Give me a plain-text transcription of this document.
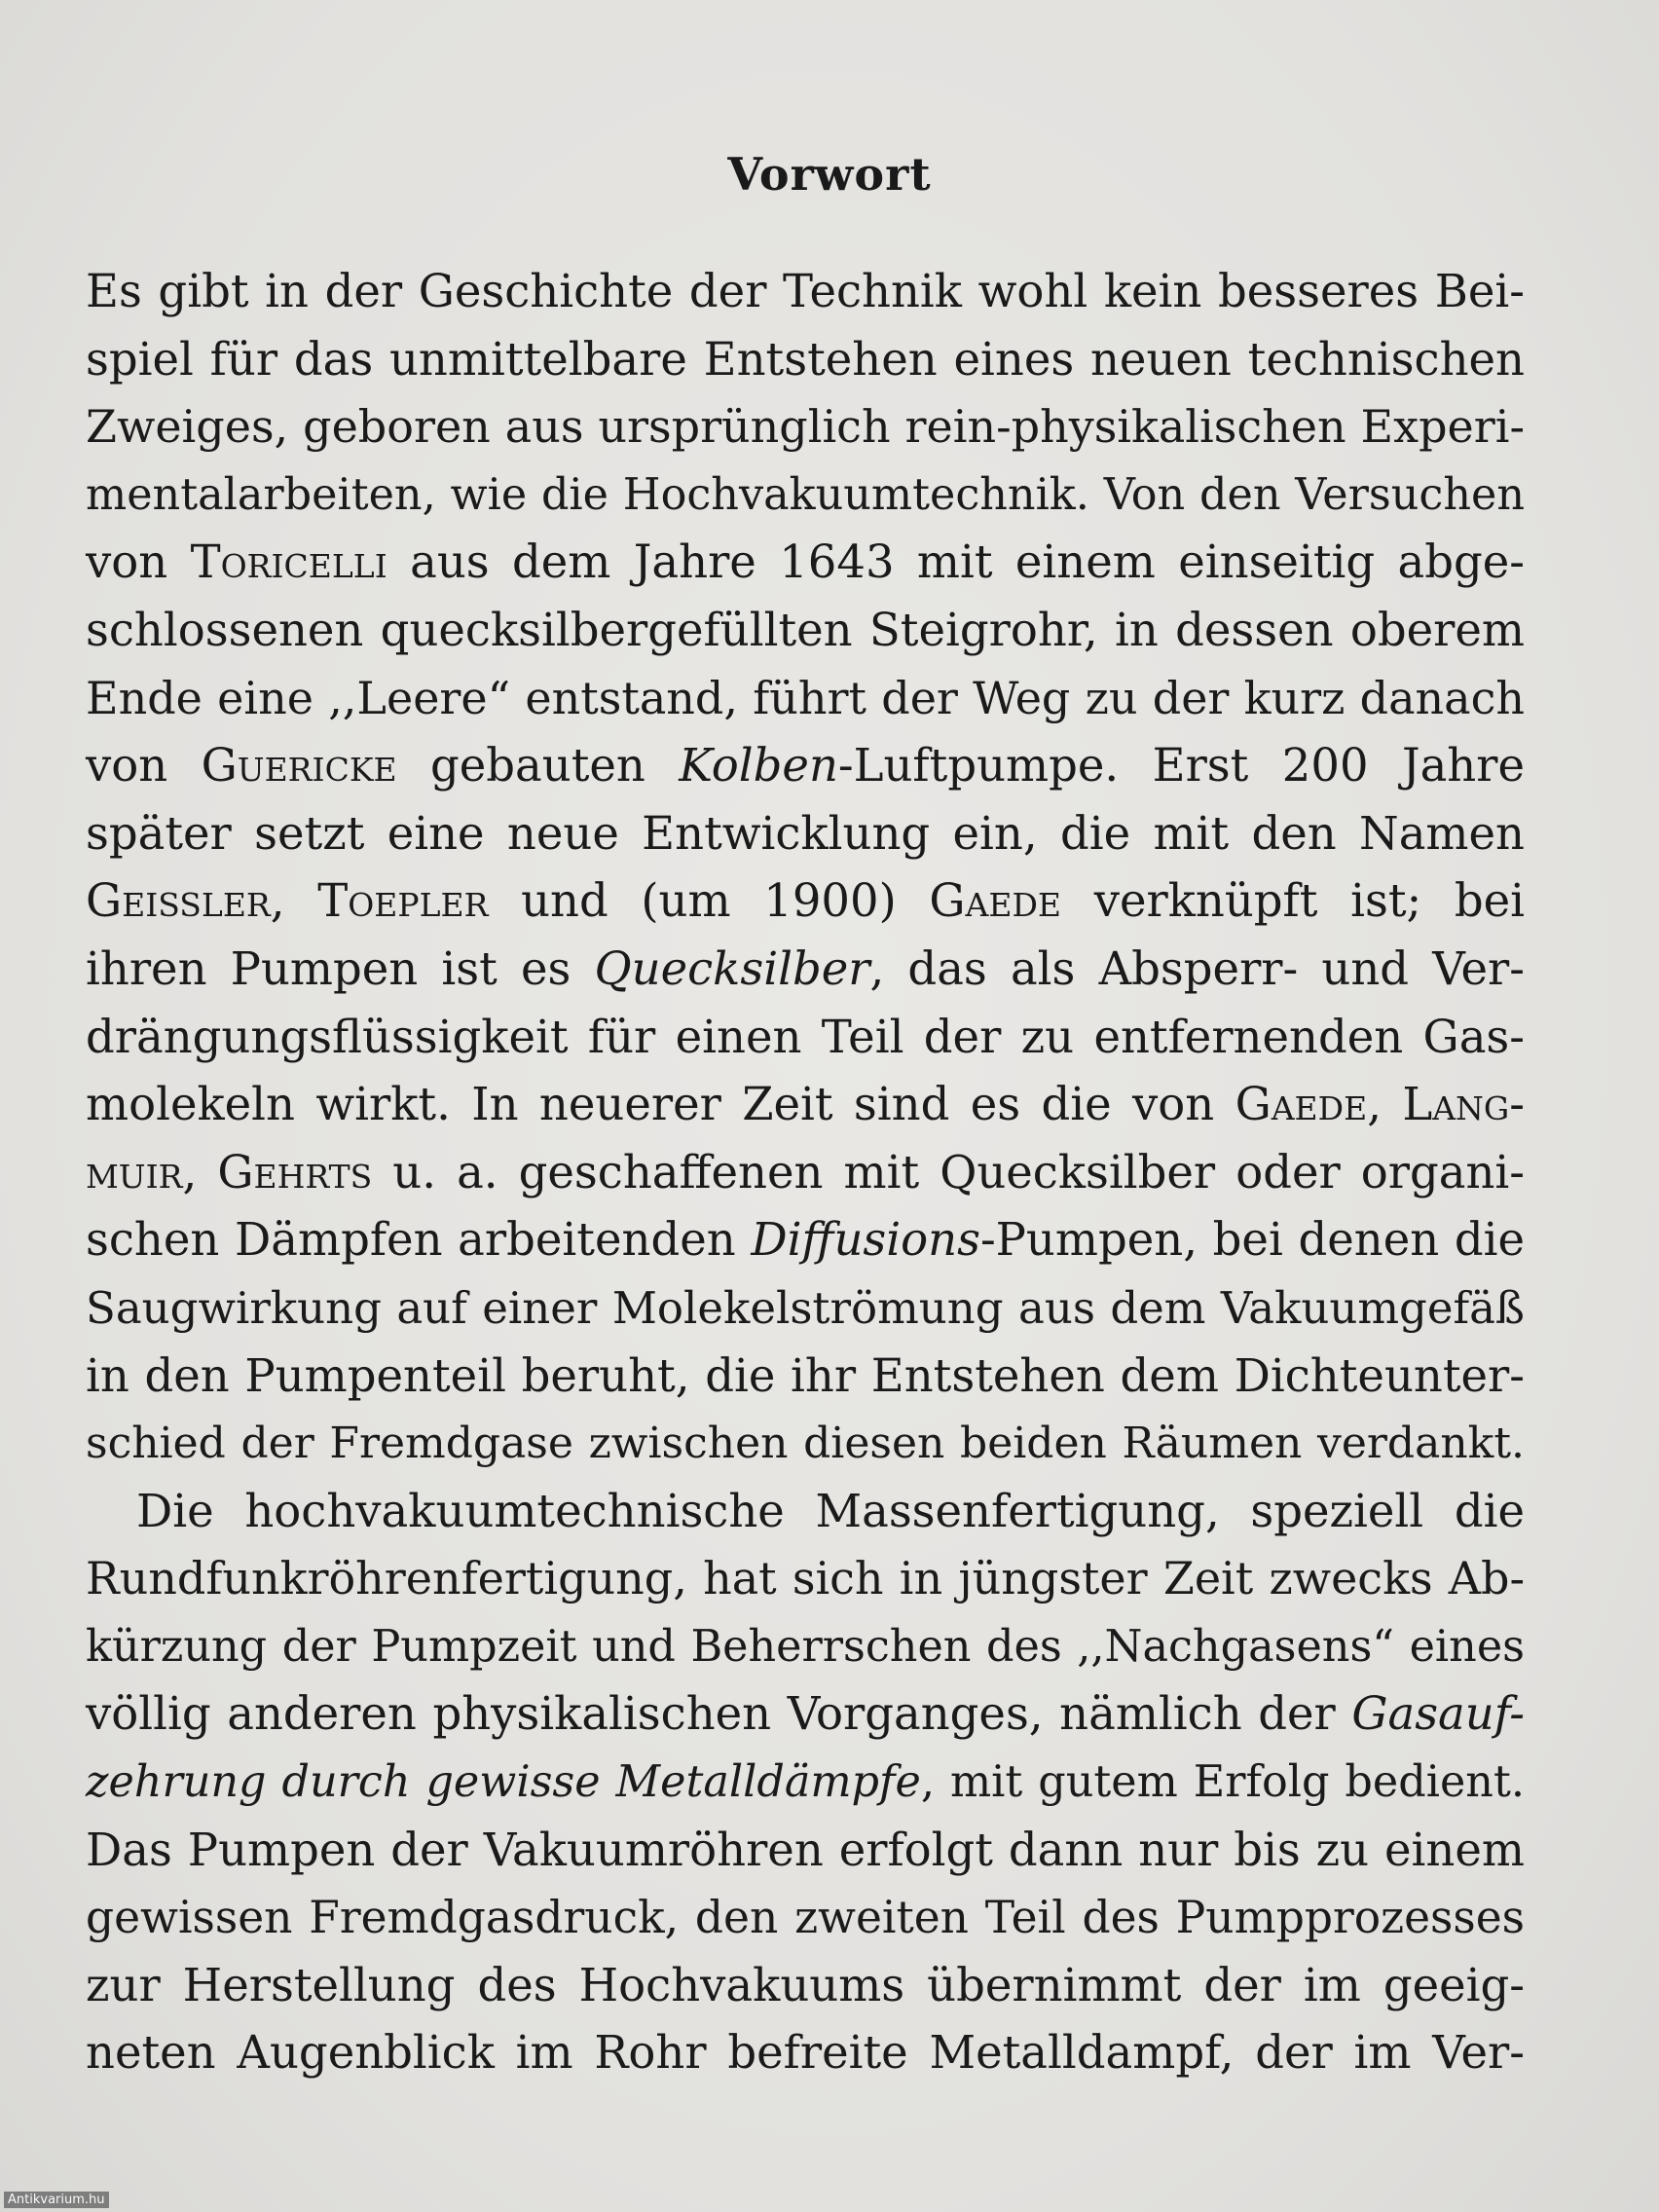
Vorwort
Es gibt in der Geschichte der Technik wohl kein besseres Bei-
spiel für das unmittelbare Entstehen eines neuen technischen
Zweiges, geboren aus ursprünglich rein-physikalischen Experi-
mentalarbeiten, wie die Hochvakuumtechnik. Von den Versuchen
von Toricelli aus dem Jahre 1643 mit einem einseitig abge-
schlossenen quecksilbergefüllten Steigrohr, in dessen oberem
Ende eine ,,Leere“ entstand, führt der Weg zu der kurz danach
von Guericke gebauten Kolben-Luftpumpe. Erst 200 Jahre
später setzt eine neue Entwicklung ein, die mit den Namen
Geissler, Toepler und (um 1900) Gaede verknüpft ist; bei
ihren Pumpen ist es Quecksilber, das als Absperr- und Ver-
drängungsflüssigkeit für einen Teil der zu entfernenden Gas-
molekeln wirkt. In neuerer Zeit sind es die von Gaede, Lang-
muir, Gehrts u. a. geschaffenen mit Quecksilber oder organi-
schen Dämpfen arbeitenden Diffusions-Pumpen, bei denen die
Saugwirkung auf einer Molekelströmung aus dem Vakuumgefäß
in den Pumpenteil beruht, die ihr Entstehen dem Dichteunter-
schied der Fremdgase zwischen diesen beiden Räumen verdankt.
Die hochvakuumtechnische Massenfertigung, speziell die
Rundfunkröhrenfertigung, hat sich in jüngster Zeit zwecks Ab-
kürzung der Pumpzeit und Beherrschen des ,,Nachgasens“ eines
völlig anderen physikalischen Vorganges, nämlich der Gasauf-
zehrung durch gewisse Metalldämpfe, mit gutem Erfolg bedient.
Das Pumpen der Vakuumröhren erfolgt dann nur bis zu einem
gewissen Fremdgasdruck, den zweiten Teil des Pumpprozesses
zur Herstellung des Hochvakuums übernimmt der im geeig-
neten Augenblick im Rohr befreite Metalldampf, der im Ver-
Antikvarium.hu
